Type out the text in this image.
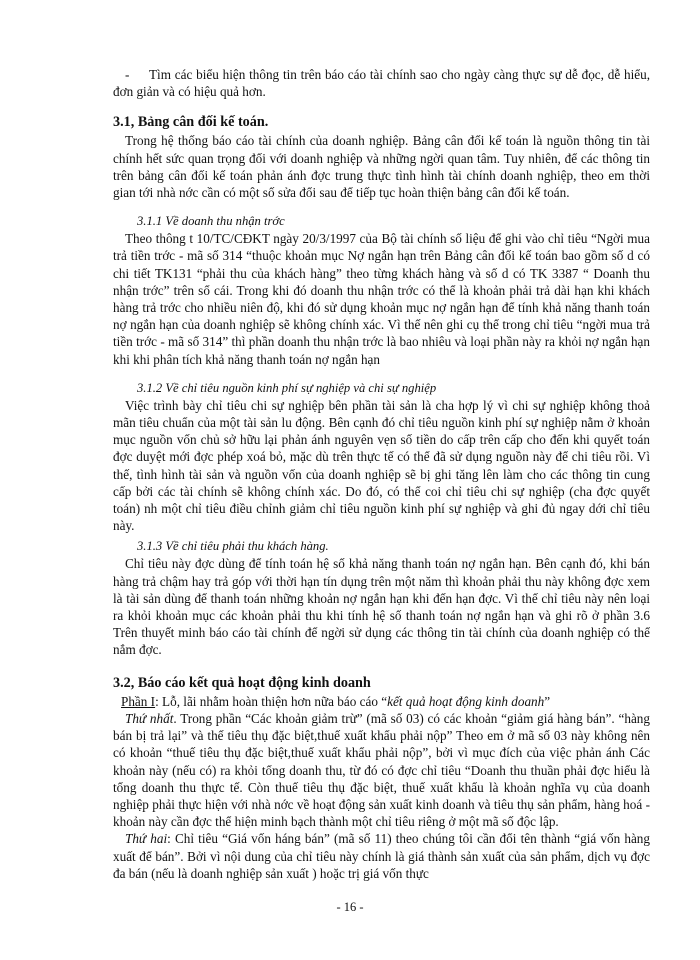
- Tìm các biểu hiện thông tin trên báo cáo tài chính sao cho ngày càng thực sự dễ đọc, dễ hiểu, đơn giản và có hiệu quả hơn.

3.1, Bảng cân đối kế toán.

Trong hệ thống báo cáo tài chính của doanh nghiệp. Bảng cân đối kế toán là nguồn thông tin tài chính hết sức quan trọng đối với doanh nghiệp và những ngời quan tâm. Tuy nhiên, để các thông tin trên bảng cân đối kế toán phản ánh đợc trung thực tình hình tài chính doanh nghiệp, theo em thời gian tới nhà nớc cần có một số sửa đổi sau để tiếp tục hoàn thiện bảng cân đối kế toán.

3.1.1 Về doanh thu nhận trớc

Theo thông t 10/TC/CĐKT ngày 20/3/1997 của Bộ tài chính số liệu để ghi vào chỉ tiêu “Ngời mua trả tiền trớc - mã số 314 “thuộc khoản mục Nợ ngắn hạn trên Bảng cân đối kế toán bao gồm số d có chi tiết TK131 “phải thu của khách hàng” theo từng khách hàng và số d có TK 3387 “ Doanh thu nhận trớc” trên sổ cái. Trong khi đó doanh thu nhận trớc có thể là khoản phải trả dài hạn khi khách hàng trả trớc cho nhiều niên độ, khi đó sử dụng khoản mục nợ ngắn hạn để tính khả năng thanh toán nợ ngắn hạn của doanh nghiệp sẽ không chính xác. Vì thế nên ghi cụ thể trong chỉ tiêu “ngời mua trả tiền trớc - mã số 314” thì phần doanh thu nhận trớc là bao nhiêu và loại phần này ra khỏi nợ ngắn hạn khi khi phân tích khả năng thanh toán nợ ngắn hạn

3.1.2 Về chỉ tiêu nguồn kinh phí sự nghiệp và chi sự nghiệp

Việc trình bày chỉ tiêu chi sự nghiệp bên phần tài sản là cha hợp lý vì chi sự nghiệp không thoả mãn tiêu chuẩn của một tài sản lu động. Bên cạnh đó chỉ tiêu nguồn kinh phí sự nghiệp nằm ở khoản mục nguồn vốn chủ sở hữu lại phản ánh nguyên vẹn số tiền do cấp trên cấp cho đến khi quyết toán đợc duyệt mới đợc phép xoá bỏ, mặc dù trên thực tế có thể đã sử dụng nguồn này để chi tiêu rồi. Vì thế, tình hình tài sản và nguồn vốn của doanh nghiệp sẽ bị ghi tăng lên làm cho các thông tin cung cấp bởi các tài chính sẽ không chính xác. Do đó, có thể coi chỉ tiêu chi sự nghiệp (cha đợc quyết toán) nh một chỉ tiêu điều chỉnh giảm chỉ tiêu nguồn kinh phí sự nghiệp và ghi đủ ngay dới chỉ tiêu này.

3.1.3 Về chỉ tiêu phải thu khách hàng.

Chỉ tiêu này đợc dùng để tính toán hệ số khả năng thanh toán nợ ngắn hạn. Bên cạnh đó, khi bán hàng trả chậm hay trả góp với thời hạn tín dụng trên một năm thì khoản phải thu này không đợc xem là tài sản dùng để thanh toán những khoản nợ ngắn hạn khi đến hạn đợc. Vì thế chỉ tiêu này nên loại ra khỏi khoản mục các khoản phải thu khi tính hệ số thanh toán nợ ngắn hạn và ghi rõ ở phần 3.6 Trên thuyết minh báo cáo tài chính để ngời sử dụng các thông tin tài chính của doanh nghiệp có thể nắm đợc.

3.2, Báo cáo kết quả hoạt động kinh doanh

Phần I: Lỗ, lãi nhằm hoàn thiện hơn nữa báo cáo “kết quả hoạt động kinh doanh”

Thứ nhất. Trong phần “Các khoản giảm trừ” (mã số 03) có các khoản “giảm giá hàng bán”. “hàng bán bị trả lại” và thế tiêu thụ đặc biệt,thuế xuất khẩu phải nộp” Theo em ở mã số 03 này không nên có khoản “thuế tiêu thụ đặc biệt,thuế xuất khẩu phải nộp”, bởi vì mục đích của việc phản ánh Các khoản này (nếu có) ra khỏi tổng doanh thu, từ đó có đợc chỉ tiêu “Doanh thu thuần phải đợc hiểu là tổng doanh thu thực tế. Còn thuế tiêu thụ đặc biệt, thuế xuất khẩu là khoản nghĩa vụ của doanh nghiệp phải thực hiện với nhà nớc về hoạt động sản xuất kinh doanh và tiêu thụ sản phẩm, hàng hoá - khoản này cần đợc thể hiện minh bạch thành một chỉ tiêu riêng ở một mã số độc lập.

Thứ hai: Chỉ tiêu “Giá vốn háng bán” (mã số 11) theo chúng tôi cần đổi tên thành “giá vốn hàng xuất để bán”. Bởi vì nội dung của chỉ tiêu này chính là giá thành sản xuất của sản phẩm, dịch vụ đợc đa bán (nếu là doanh nghiệp sản xuất ) hoặc trị giá vốn thực

- 16 -
